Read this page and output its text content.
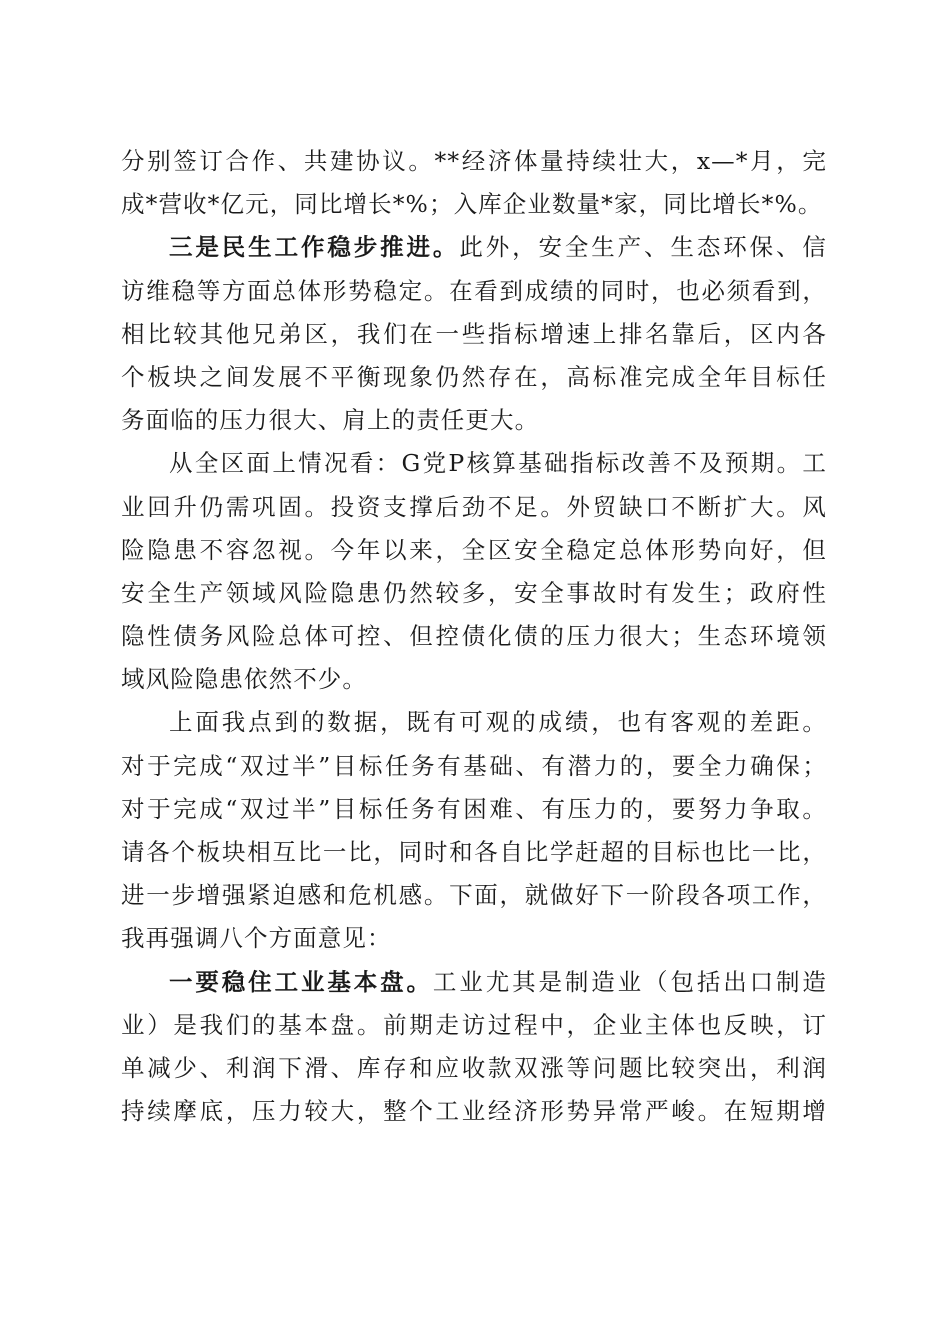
分别签订合作、共建协议。**经济体量持续壮大，x—*月，完
成*营收*亿元，同比增长*%；入库企业数量*家，同比增长*%。
三是民生工作稳步推进。此外，安全生产、生态环保、信
访维稳等方面总体形势稳定。在看到成绩的同时，也必须看到，
相比较其他兄弟区，我们在一些指标增速上排名靠后，区内各
个板块之间发展不平衡现象仍然存在，高标准完成全年目标任
务面临的压力很大、肩上的责任更大。
从全区面上情况看：G党P核算基础指标改善不及预期。工
业回升仍需巩固。投资支撑后劲不足。外贸缺口不断扩大。风
险隐患不容忽视。今年以来，全区安全稳定总体形势向好，但
安全生产领域风险隐患仍然较多，安全事故时有发生；政府性
隐性债务风险总体可控、但控债化债的压力很大；生态环境领
域风险隐患依然不少。
上面我点到的数据，既有可观的成绩，也有客观的差距。
对于完成“双过半”目标任务有基础、有潜力的，要全力确保；
对于完成“双过半”目标任务有困难、有压力的，要努力争取。
请各个板块相互比一比，同时和各自比学赶超的目标也比一比，
进一步增强紧迫感和危机感。下面，就做好下一阶段各项工作，
我再强调八个方面意见：
一要稳住工业基本盘。工业尤其是制造业（包括出口制造
业）是我们的基本盘。前期走访过程中，企业主体也反映，订
单减少、利润下滑、库存和应收款双涨等问题比较突出，利润
持续摩底，压力较大，整个工业经济形势异常严峻。在短期增
